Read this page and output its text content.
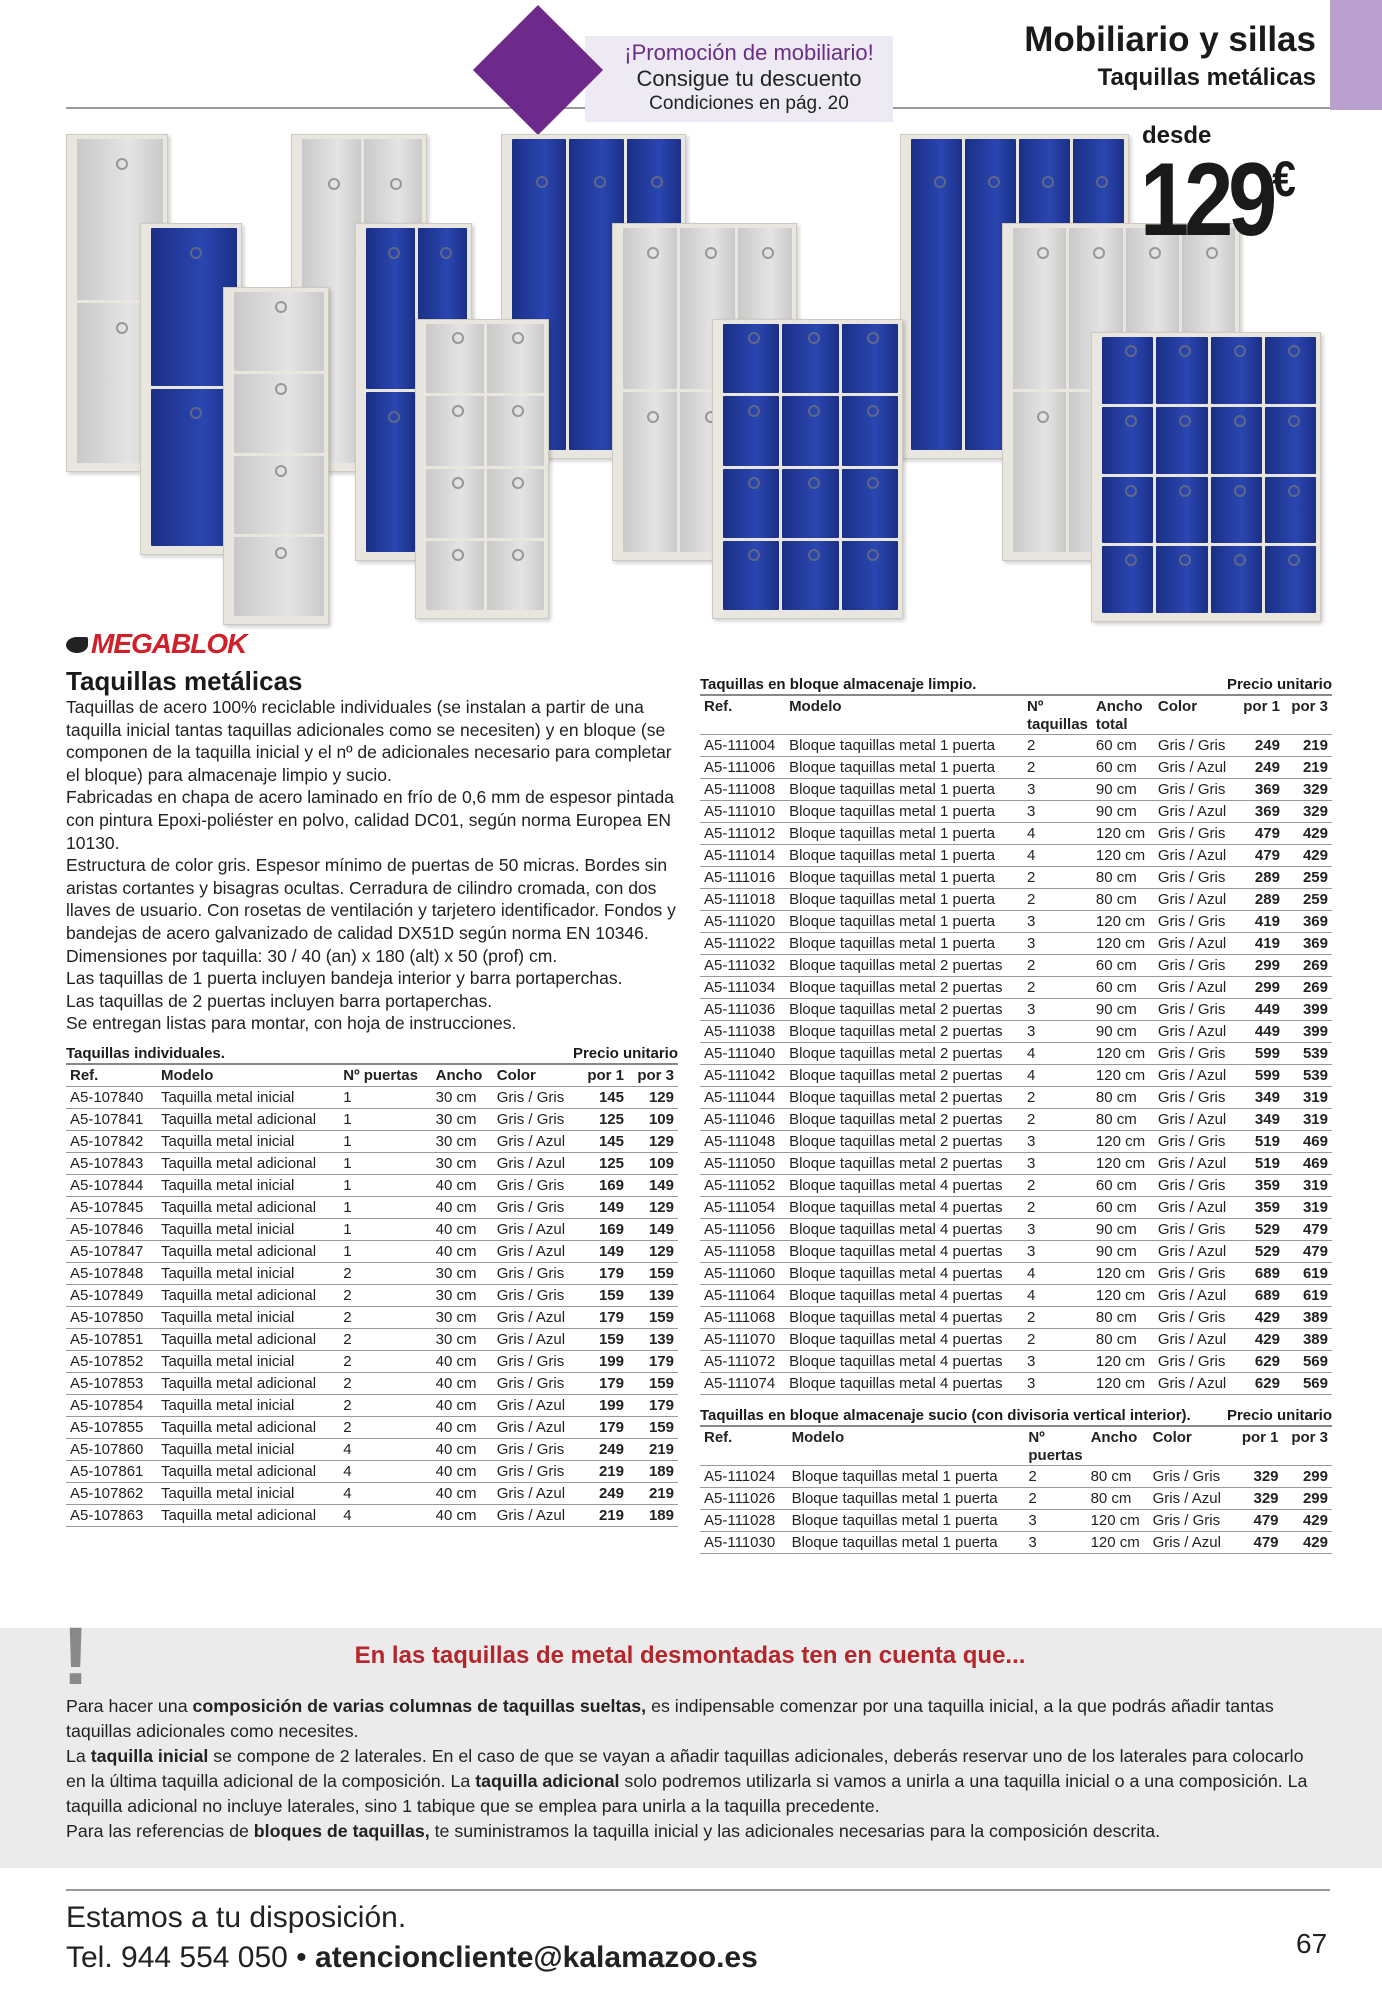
¡Promoción de mobiliario!
Consigue tu descuento
Condiciones en pág. 20
Mobiliario y sillas
Taquillas metálicas
desde
129€
MEGABLOK
Taquillas metálicas
Taquillas de acero 100% reciclable individuales (se instalan a partir de una taquilla inicial tantas taquillas adicionales como se necesiten) y en bloque (se componen de la taquilla inicial y el nº de adicionales necesario para completar el bloque) para almacenaje limpio y sucio.
Fabricadas en chapa de acero laminado en frío de 0,6 mm de espesor pintada con pintura Epoxi-poliéster en polvo, calidad DC01, según norma Europea EN 10130.
Estructura de color gris. Espesor mínimo de puertas de 50 micras. Bordes sin aristas cortantes y bisagras ocultas. Cerradura de cilindro cromada, con dos llaves de usuario. Con rosetas de ventilación y tarjetero identificador. Fondos y bandejas de acero galvanizado de calidad DX51D según norma EN 10346.
Dimensiones por taquilla: 30 / 40 (an) x 180 (alt) x 50 (prof) cm.
Las taquillas de 1 puerta incluyen bandeja interior y barra portaperchas.
Las taquillas de 2 puertas incluyen barra portaperchas.
Se entregan listas para montar, con hoja de instrucciones.
Taquillas individuales.	Precio unitario
Ref.	Modelo	Nº puertas	Ancho	Color	por 1	por 3
A5-107840	Taquilla metal inicial	1	30 cm	Gris / Gris	145	129
A5-107841	Taquilla metal adicional	1	30 cm	Gris / Gris	125	109
A5-107842	Taquilla metal inicial	1	30 cm	Gris / Azul	145	129
A5-107843	Taquilla metal adicional	1	30 cm	Gris / Azul	125	109
A5-107844	Taquilla metal inicial	1	40 cm	Gris / Gris	169	149
A5-107845	Taquilla metal adicional	1	40 cm	Gris / Gris	149	129
A5-107846	Taquilla metal inicial	1	40 cm	Gris / Azul	169	149
A5-107847	Taquilla metal adicional	1	40 cm	Gris / Azul	149	129
A5-107848	Taquilla metal inicial	2	30 cm	Gris / Gris	179	159
A5-107849	Taquilla metal adicional	2	30 cm	Gris / Gris	159	139
A5-107850	Taquilla metal inicial	2	30 cm	Gris / Azul	179	159
A5-107851	Taquilla metal adicional	2	30 cm	Gris / Azul	159	139
A5-107852	Taquilla metal inicial	2	40 cm	Gris / Gris	199	179
A5-107853	Taquilla metal adicional	2	40 cm	Gris / Gris	179	159
A5-107854	Taquilla metal inicial	2	40 cm	Gris / Azul	199	179
A5-107855	Taquilla metal adicional	2	40 cm	Gris / Azul	179	159
A5-107860	Taquilla metal inicial	4	40 cm	Gris / Gris	249	219
A5-107861	Taquilla metal adicional	4	40 cm	Gris / Gris	219	189
A5-107862	Taquilla metal inicial	4	40 cm	Gris / Azul	249	219
A5-107863	Taquilla metal adicional	4	40 cm	Gris / Azul	219	189
Taquillas en bloque almacenaje limpio.	Precio unitario
Ref.	Modelo	Nº taquillas	Ancho total	Color	por 1	por 3
A5-111004	Bloque taquillas metal 1 puerta	2	60 cm	Gris / Gris	249	219
A5-111006	Bloque taquillas metal 1 puerta	2	60 cm	Gris / Azul	249	219
A5-111008	Bloque taquillas metal 1 puerta	3	90 cm	Gris / Gris	369	329
A5-111010	Bloque taquillas metal 1 puerta	3	90 cm	Gris / Azul	369	329
A5-111012	Bloque taquillas metal 1 puerta	4	120 cm	Gris / Gris	479	429
A5-111014	Bloque taquillas metal 1 puerta	4	120 cm	Gris / Azul	479	429
A5-111016	Bloque taquillas metal 1 puerta	2	80 cm	Gris / Gris	289	259
A5-111018	Bloque taquillas metal 1 puerta	2	80 cm	Gris / Azul	289	259
A5-111020	Bloque taquillas metal 1 puerta	3	120 cm	Gris / Gris	419	369
A5-111022	Bloque taquillas metal 1 puerta	3	120 cm	Gris / Azul	419	369
A5-111032	Bloque taquillas metal 2 puertas	2	60 cm	Gris / Gris	299	269
A5-111034	Bloque taquillas metal 2 puertas	2	60 cm	Gris / Azul	299	269
A5-111036	Bloque taquillas metal 2 puertas	3	90 cm	Gris / Gris	449	399
A5-111038	Bloque taquillas metal 2 puertas	3	90 cm	Gris / Azul	449	399
A5-111040	Bloque taquillas metal 2 puertas	4	120 cm	Gris / Gris	599	539
A5-111042	Bloque taquillas metal 2 puertas	4	120 cm	Gris / Azul	599	539
A5-111044	Bloque taquillas metal 2 puertas	2	80 cm	Gris / Gris	349	319
A5-111046	Bloque taquillas metal 2 puertas	2	80 cm	Gris / Azul	349	319
A5-111048	Bloque taquillas metal 2 puertas	3	120 cm	Gris / Gris	519	469
A5-111050	Bloque taquillas metal 2 puertas	3	120 cm	Gris / Azul	519	469
A5-111052	Bloque taquillas metal 4 puertas	2	60 cm	Gris / Gris	359	319
A5-111054	Bloque taquillas metal 4 puertas	2	60 cm	Gris / Azul	359	319
A5-111056	Bloque taquillas metal 4 puertas	3	90 cm	Gris / Gris	529	479
A5-111058	Bloque taquillas metal 4 puertas	3	90 cm	Gris / Azul	529	479
A5-111060	Bloque taquillas metal 4 puertas	4	120 cm	Gris / Gris	689	619
A5-111064	Bloque taquillas metal 4 puertas	4	120 cm	Gris / Azul	689	619
A5-111068	Bloque taquillas metal 4 puertas	2	80 cm	Gris / Gris	429	389
A5-111070	Bloque taquillas metal 4 puertas	2	80 cm	Gris / Azul	429	389
A5-111072	Bloque taquillas metal 4 puertas	3	120 cm	Gris / Gris	629	569
A5-111074	Bloque taquillas metal 4 puertas	3	120 cm	Gris / Azul	629	569
Taquillas en bloque almacenaje sucio (con divisoria vertical interior). Precio unitario
Ref.	Modelo	Nº puertas	Ancho	Color	por 1	por 3
A5-111024	Bloque taquillas metal 1 puerta	2	80 cm	Gris / Gris	329	299
A5-111026	Bloque taquillas metal 1 puerta	2	80 cm	Gris / Azul	329	299
A5-111028	Bloque taquillas metal 1 puerta	3	120 cm	Gris / Gris	479	429
A5-111030	Bloque taquillas metal 1 puerta	3	120 cm	Gris / Azul	479	429
!	En las taquillas de metal desmontadas ten en cuenta que...
Para hacer una composición de varias columnas de taquillas sueltas, es indipensable comenzar por una taquilla inicial, a la que podrás añadir tantas taquillas adicionales como necesites.
La taquilla inicial se compone de 2 laterales. En el caso de que se vayan a añadir taquillas adicionales, deberás reservar uno de los laterales para colocarlo en la última taquilla adicional de la composición. La taquilla adicional solo podremos utilizarla si vamos a unirla a una taquilla inicial o a una composición. La taquilla adicional no incluye laterales, sino 1 tabique que se emplea para unirla a la taquilla precedente.
Para las referencias de bloques de taquillas, te suministramos la taquilla inicial y las adicionales necesarias para la composición descrita.
Estamos a tu disposición.
Tel. 944 554 050 • atencioncliente@kalamazoo.es	67
